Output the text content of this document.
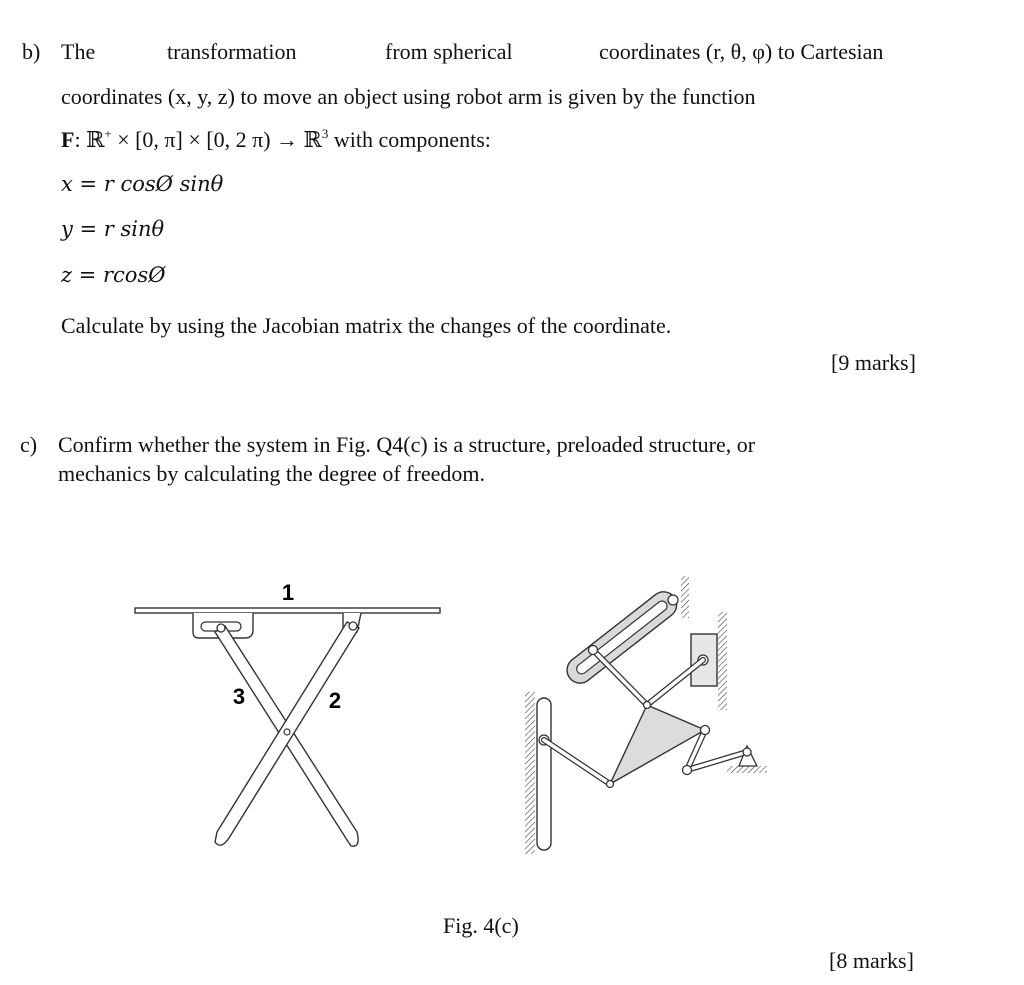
b) The	transformation	from spherical	coordinates (r, θ, φ) to Cartesian
coordinates (x, y, z) to move an object using robot arm is given by the function
F: ℝ+ × [0, π] × [0, 2 π) → ℝ$^3$ with components:
x = r cosØ sinθ
y = r sinθ
z = rcosØ
Calculate by using the Jacobian matrix the changes of the coordinate.
[9 marks]
c) Confirm whether the system in Fig. Q4(c) is a structure, preloaded structure, or
mechanics by calculating the degree of freedom.
1
3	2
Fig. 4(c)
[8 marks]
